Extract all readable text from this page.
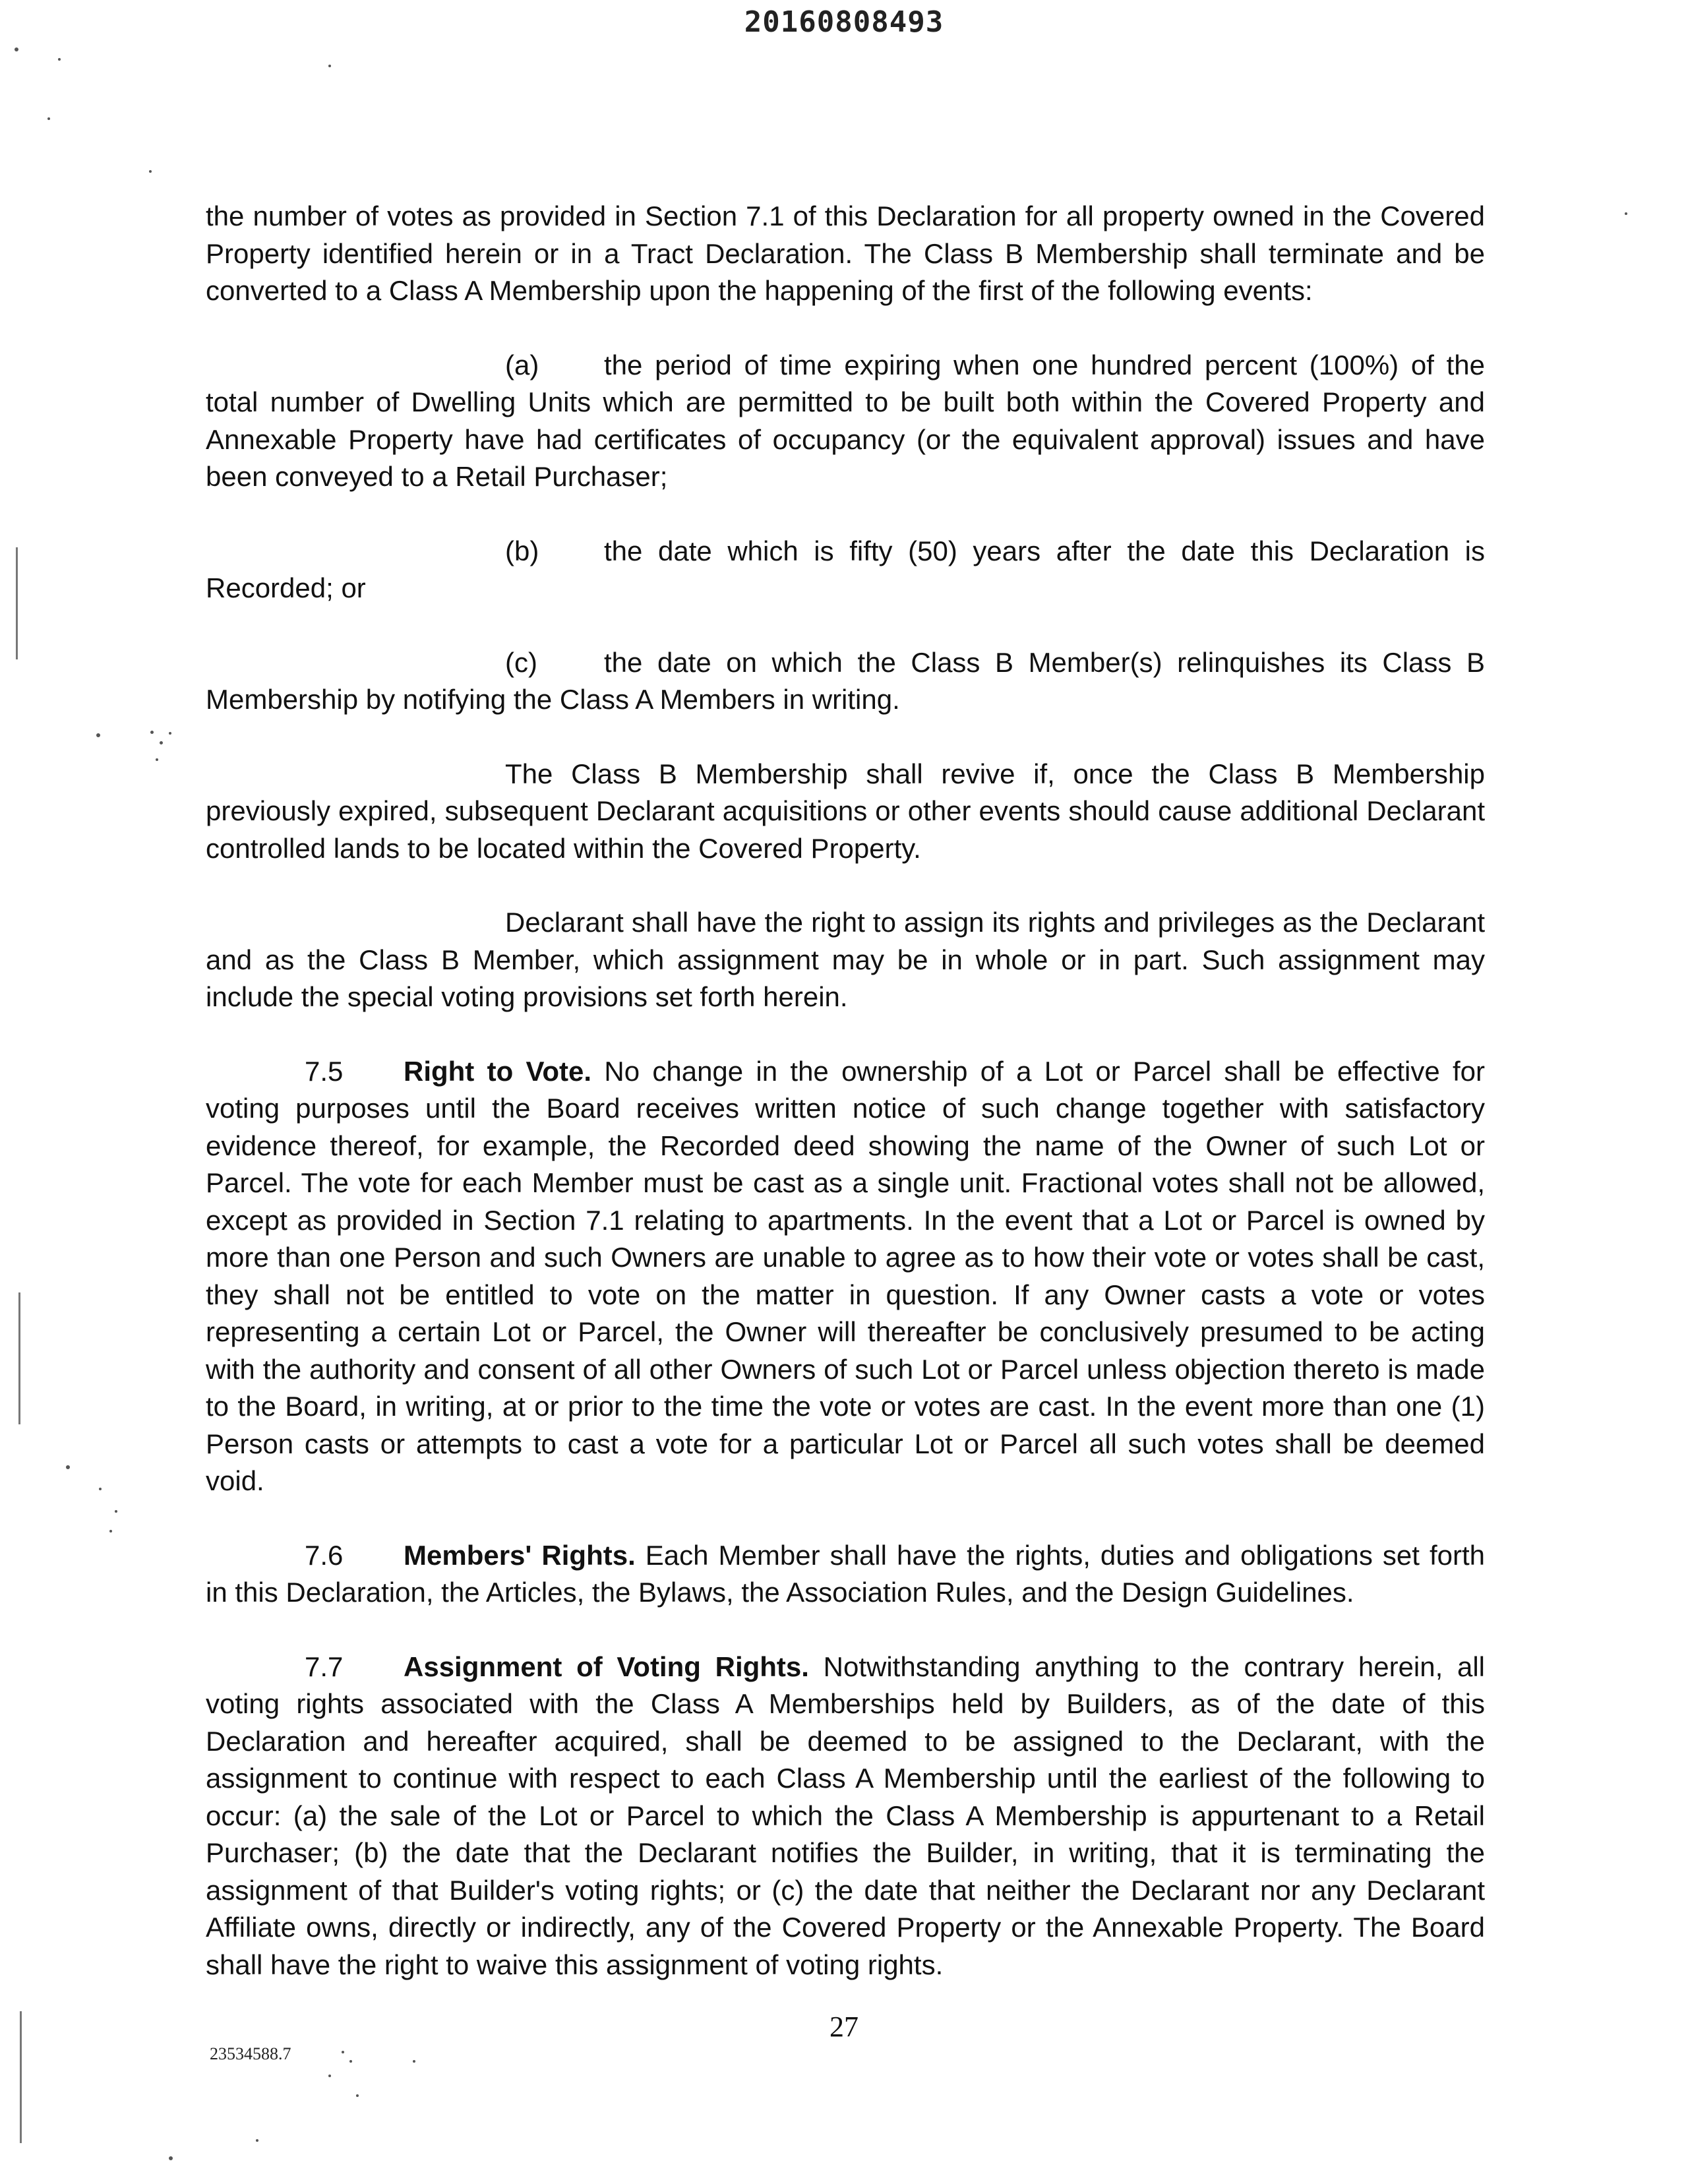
20160808493

the number of votes as provided in Section 7.1 of this Declaration for all property owned in the Covered Property identified herein or in a Tract Declaration. The Class B Membership shall terminate and be converted to a Class A Membership upon the happening of the first of the following events:

(a) the period of time expiring when one hundred percent (100%) of the total number of Dwelling Units which are permitted to be built both within the Covered Property and Annexable Property have had certificates of occupancy (or the equivalent approval) issues and have been conveyed to a Retail Purchaser;

(b) the date which is fifty (50) years after the date this Declaration is

Recorded; or

(c) the date on which the Class B Member(s) relinquishes its Class B Membership by notifying the Class A Members in writing.

The Class B Membership shall revive if, once the Class B Membership previously expired, subsequent Declarant acquisitions or other events should cause additional Declarant controlled lands to be located within the Covered Property.

Declarant shall have the right to assign its rights and privileges as the Declarant and as the Class B Member, which assignment may be in whole or in part. Such assignment may include the special voting provisions set forth herein.

7.5 Right to Vote. No change in the ownership of a Lot or Parcel shall be effective for voting purposes until the Board receives written notice of such change together with satisfactory evidence thereof, for example, the Recorded deed showing the name of the Owner of such Lot or Parcel. The vote for each Member must be cast as a single unit. Fractional votes shall not be allowed, except as provided in Section 7.1 relating to apartments. In the event that a Lot or Parcel is owned by more than one Person and such Owners are unable to agree as to how their vote or votes shall be cast, they shall not be entitled to vote on the matter in question. If any Owner casts a vote or votes representing a certain Lot or Parcel, the Owner will thereafter be conclusively presumed to be acting with the authority and consent of all other Owners of such Lot or Parcel unless objection thereto is made to the Board, in writing, at or prior to the time the vote or votes are cast. In the event more than one (1) Person casts or attempts to cast a vote for a particular Lot or Parcel all such votes shall be deemed void.

7.6 Members' Rights. Each Member shall have the rights, duties and obligations set forth in this Declaration, the Articles, the Bylaws, the Association Rules, and the Design Guidelines.

7.7 Assignment of Voting Rights. Notwithstanding anything to the contrary herein, all voting rights associated with the Class A Memberships held by Builders, as of the date of this Declaration and hereafter acquired, shall be deemed to be assigned to the Declarant, with the assignment to continue with respect to each Class A Membership until the earliest of the following to occur: (a) the sale of the Lot or Parcel to which the Class A Membership is appurtenant to a Retail Purchaser; (b) the date that the Declarant notifies the Builder, in writing, that it is terminating the assignment of that Builder's voting rights; or (c) the date that neither the Declarant nor any Declarant Affiliate owns, directly or indirectly, any of the Covered Property or the Annexable Property. The Board shall have the right to waive this assignment of voting rights.

27
23534588.7
